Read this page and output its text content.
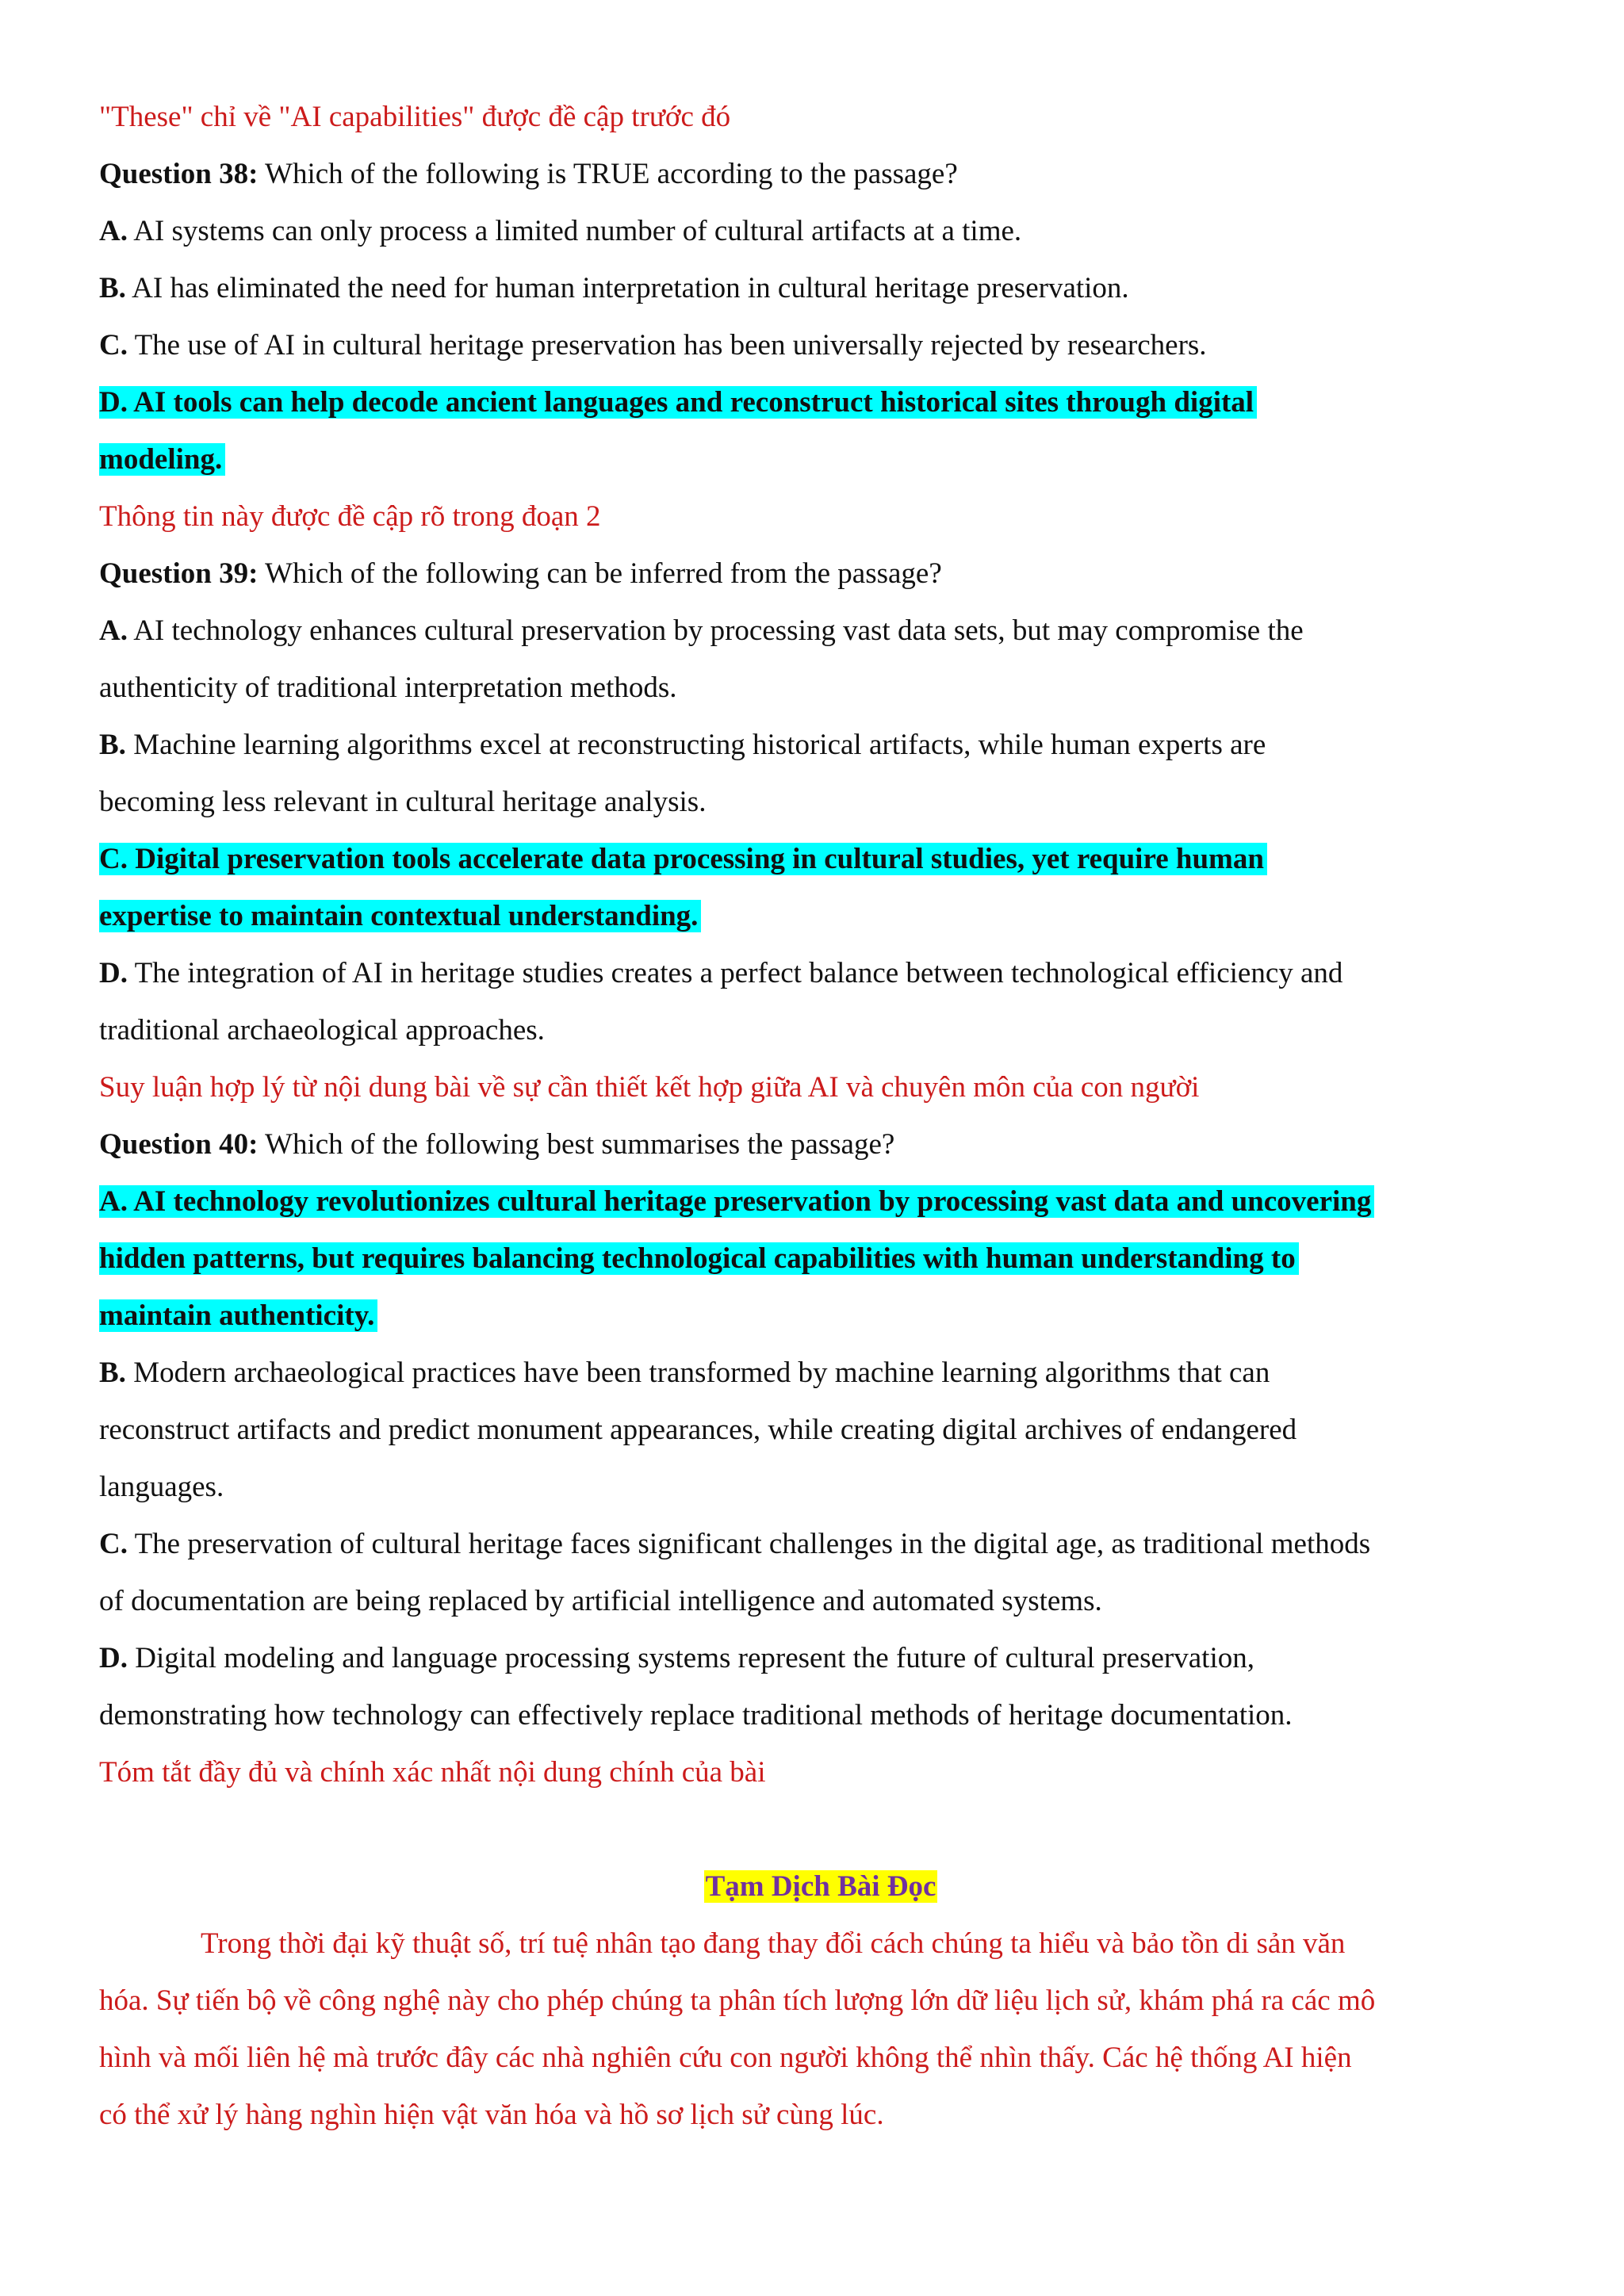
"These" chỉ về "AI capabilities" được đề cập trước đó

Question 38: Which of the following is TRUE according to the passage?

A. AI systems can only process a limited number of cultural artifacts at a time.

B. AI has eliminated the need for human interpretation in cultural heritage preservation.

C. The use of AI in cultural heritage preservation has been universally rejected by researchers.

D. AI tools can help decode ancient languages and reconstruct historical sites through digital

modeling.

Thông tin này được đề cập rõ trong đoạn 2

Question 39: Which of the following can be inferred from the passage?

A. AI technology enhances cultural preservation by processing vast data sets, but may compromise the

authenticity of traditional interpretation methods.

B. Machine learning algorithms excel at reconstructing historical artifacts, while human experts are

becoming less relevant in cultural heritage analysis.

C. Digital preservation tools accelerate data processing in cultural studies, yet require human

expertise to maintain contextual understanding.

D. The integration of AI in heritage studies creates a perfect balance between technological efficiency and

traditional archaeological approaches.

Suy luận hợp lý từ nội dung bài về sự cần thiết kết hợp giữa AI và chuyên môn của con người

Question 40: Which of the following best summarises the passage?

A. AI technology revolutionizes cultural heritage preservation by processing vast data and uncovering

hidden patterns, but requires balancing technological capabilities with human understanding to

maintain authenticity.

B. Modern archaeological practices have been transformed by machine learning algorithms that can

reconstruct artifacts and predict monument appearances, while creating digital archives of endangered

languages.

C. The preservation of cultural heritage faces significant challenges in the digital age, as traditional methods

of documentation are being replaced by artificial intelligence and automated systems.

D. Digital modeling and language processing systems represent the future of cultural preservation,

demonstrating how technology can effectively replace traditional methods of heritage documentation.

Tóm tắt đầy đủ và chính xác nhất nội dung chính của bài

Tạm Dịch Bài Đọc

Trong thời đại kỹ thuật số, trí tuệ nhân tạo đang thay đổi cách chúng ta hiểu và bảo tồn di sản văn

hóa. Sự tiến bộ về công nghệ này cho phép chúng ta phân tích lượng lớn dữ liệu lịch sử, khám phá ra các mô

hình và mối liên hệ mà trước đây các nhà nghiên cứu con người không thể nhìn thấy. Các hệ thống AI hiện

có thể xử lý hàng nghìn hiện vật văn hóa và hồ sơ lịch sử cùng lúc.
